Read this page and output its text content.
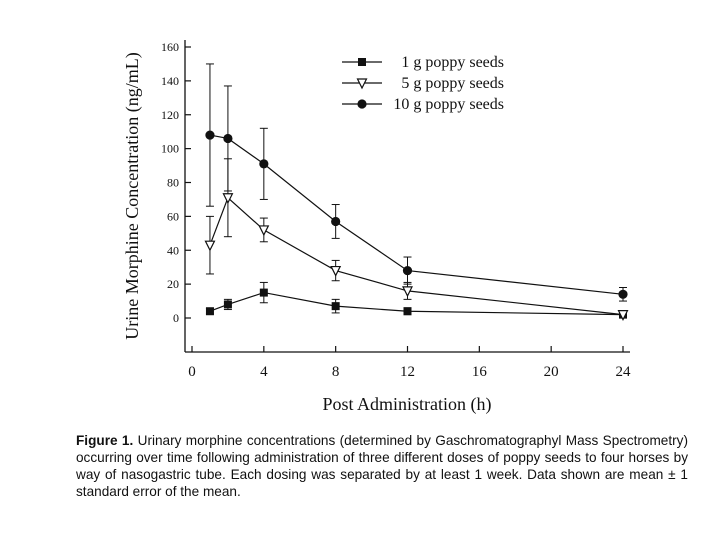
0
20
40
60
80
100
120
140
160
Urine Morphine Concentration (ng/mL)
0	4	8	12	16	20	24
Post Administration (h)
1 g poppy seeds
5 g poppy seeds
10 g poppy seeds
Figure 1. Urinary morphine concentrations (determined by Gaschromatographyl Mass Spectrometry) occurring over time following administration of three different doses of poppy seeds to four horses by way of nasogastric tube. Each dosing was separated by at least 1 week. Data shown are mean ± 1 standard error of the mean.
